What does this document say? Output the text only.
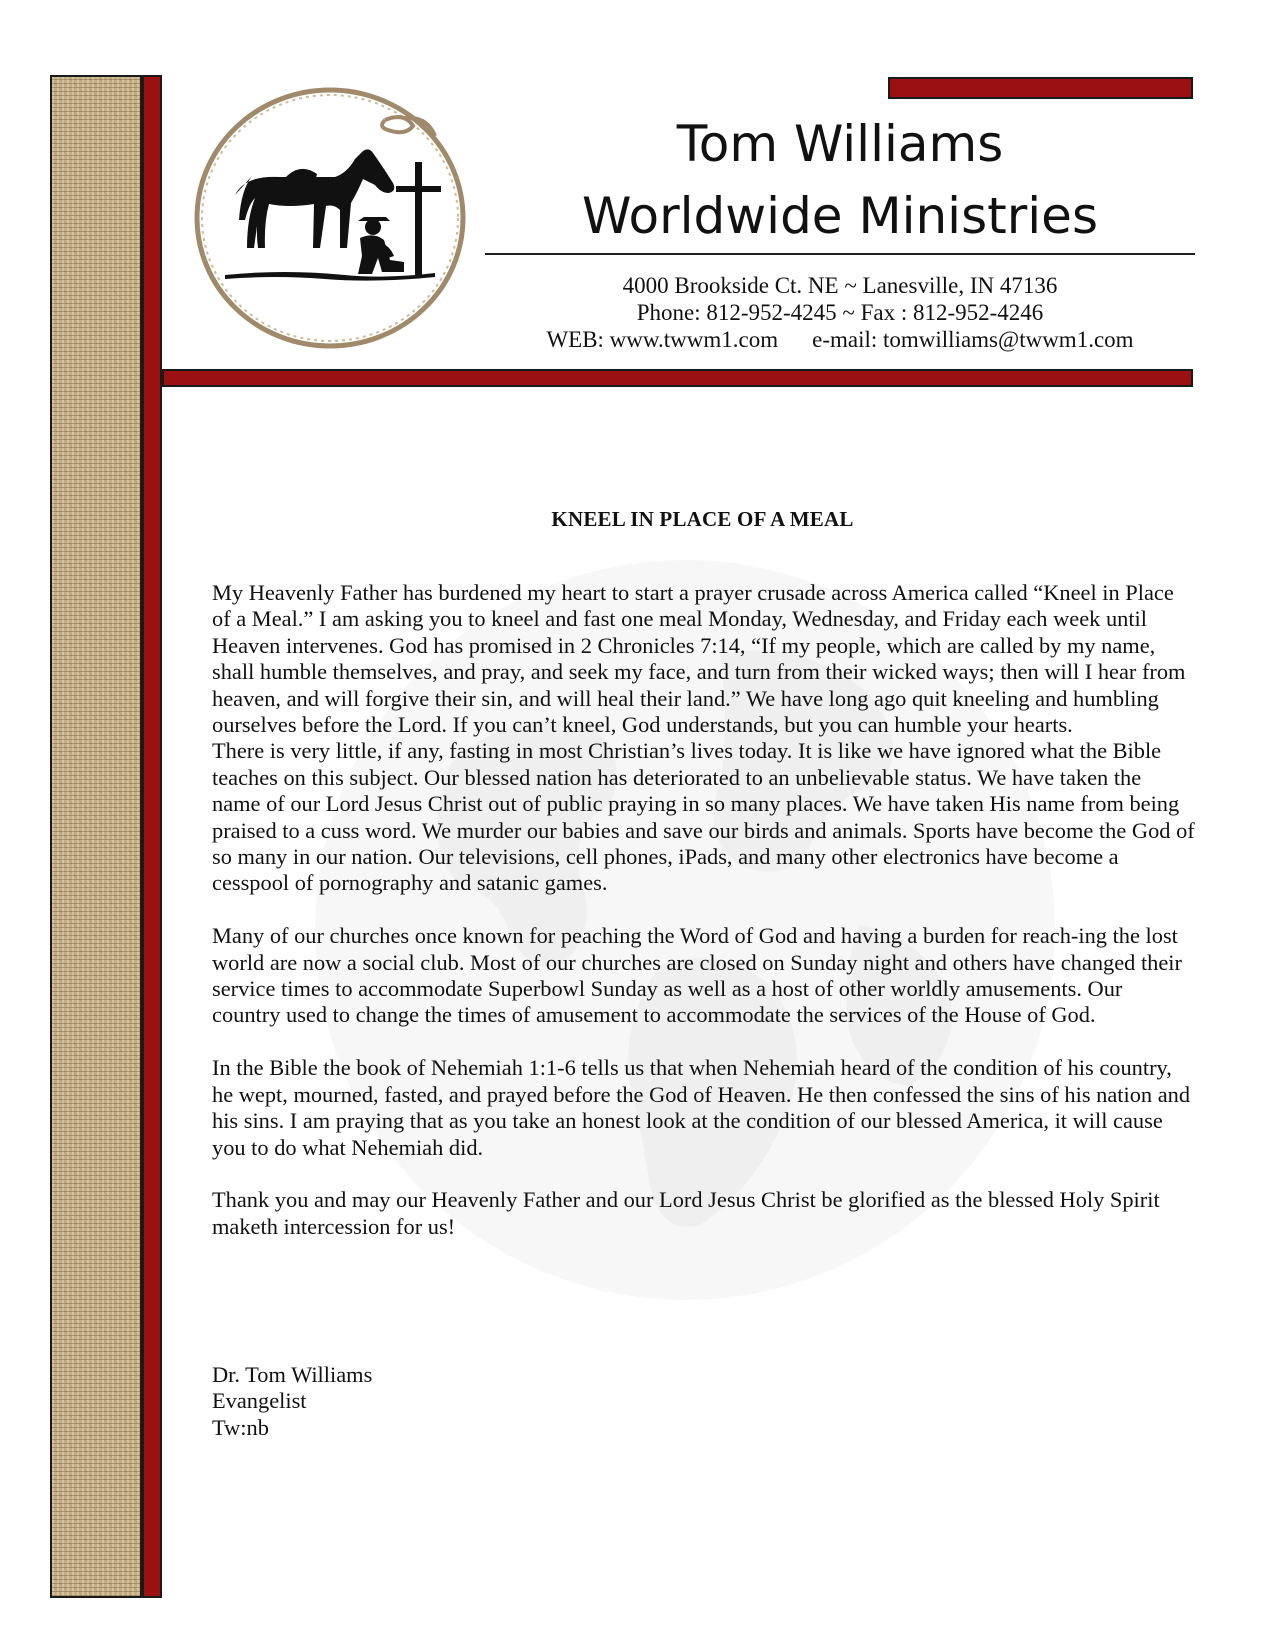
Tom Williams
Worldwide Ministries
4000 Brookside Ct. NE ~ Lanesville, IN 47136
Phone: 812-952-4245 ~ Fax : 812-952-4246
WEB: www.twwm1.com e-mail: tomwilliams@twwm1.com
KNEEL IN PLACE OF A MEAL

My Heavenly Father has burdened my heart to start a prayer crusade across America called “Kneel in Place of a Meal.” I am asking you to kneel and fast one meal Monday, Wednesday, and Friday each week until Heaven intervenes. God has promised in 2 Chronicles 7:14, “If my people, which are called by my name, shall humble themselves, and pray, and seek my face, and turn from their wicked ways; then will I hear from heaven, and will forgive their sin, and will heal their land.” We have long ago quit kneeling and humbling ourselves before the Lord. If you can’t kneel, God understands, but you can humble your hearts.

There is very little, if any, fasting in most Christian’s lives today. It is like we have ignored what the Bible teaches on this subject. Our blessed nation has deteriorated to an unbelievable status. We have taken the name of our Lord Jesus Christ out of public praying in so many places. We have taken His name from being praised to a cuss word. We murder our babies and save our birds and animals. Sports have become the God of so many in our nation. Our televisions, cell phones, iPads, and many other electronics have become a cesspool of pornography and satanic games.

Many of our churches once known for peaching the Word of God and having a burden for reach-ing the lost world are now a social club. Most of our churches are closed on Sunday night and others have changed their service times to accommodate Superbowl Sunday as well as a host of other worldly amusements. Our country used to change the times of amusement to accommodate the services of the House of God.

In the Bible the book of Nehemiah 1:1-6 tells us that when Nehemiah heard of the condition of his country, he wept, mourned, fasted, and prayed before the God of Heaven. He then confessed the sins of his nation and his sins. I am praying that as you take an honest look at the condition of our blessed America, it will cause you to do what Nehemiah did.

Thank you and may our Heavenly Father and our Lord Jesus Christ be glorified as the blessed Holy Spirit maketh intercession for us!

Dr. Tom Williams
Evangelist
Tw:nb
